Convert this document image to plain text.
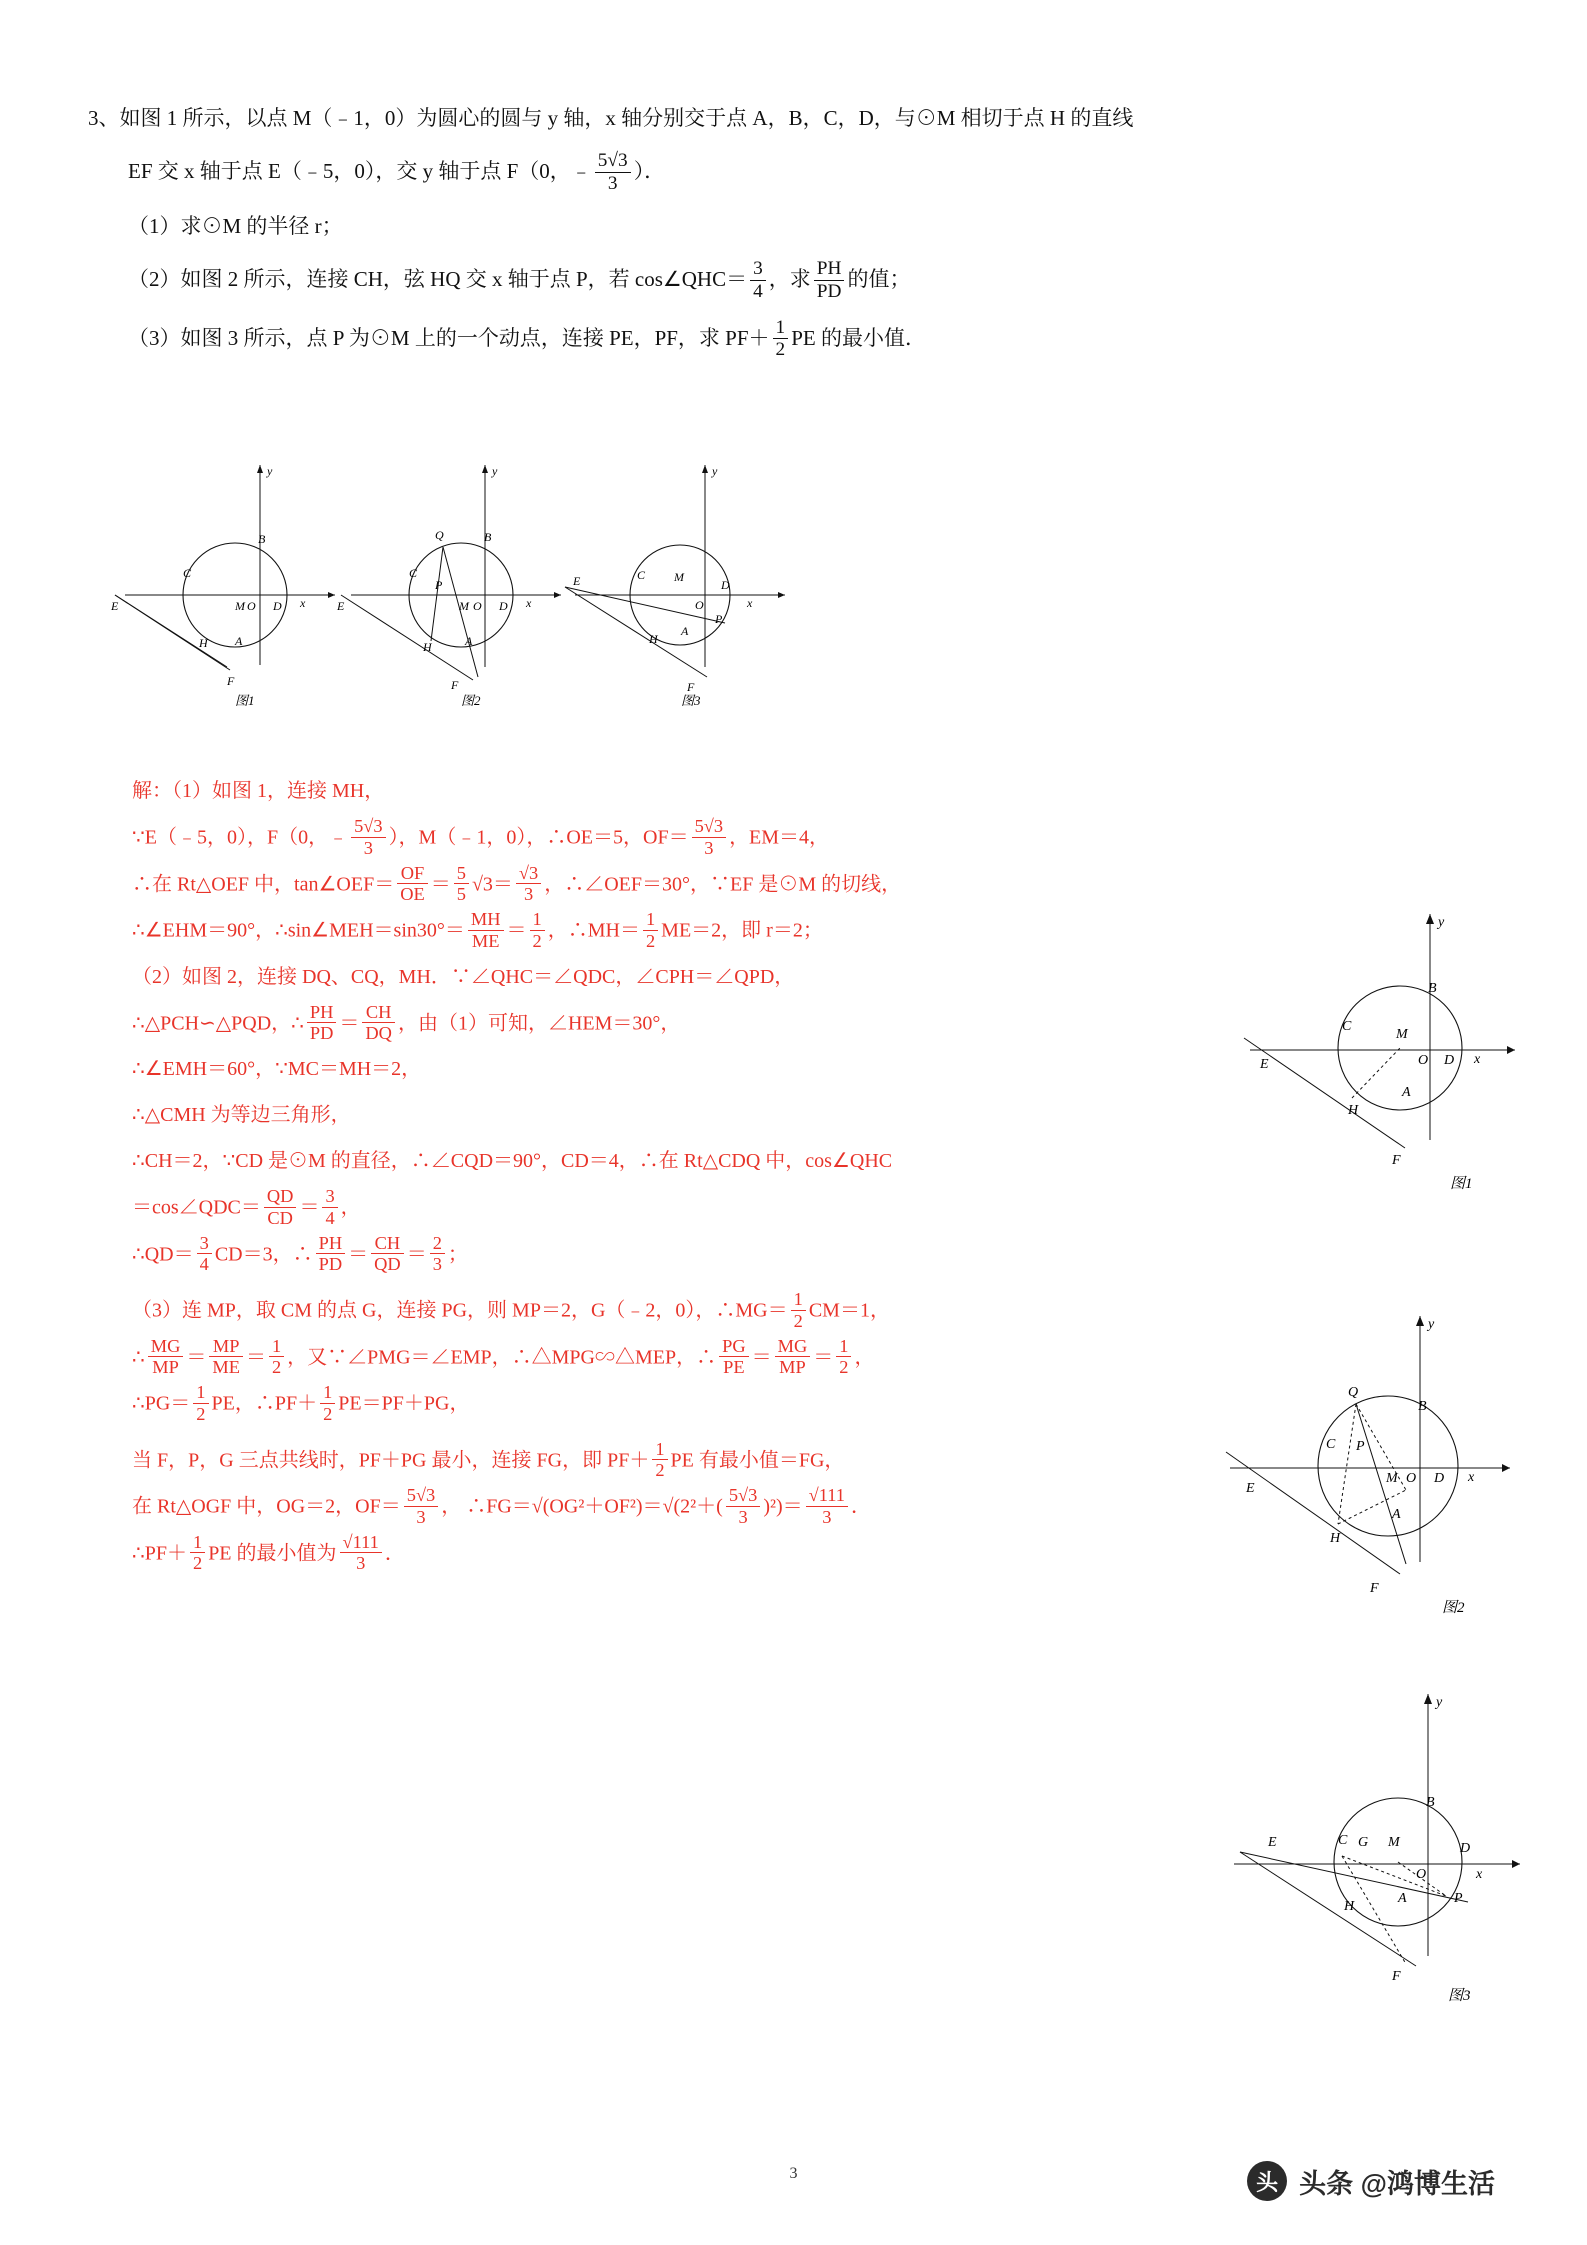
3、如图 1 所示，以点 M（﹣1，0）为圆心的圆与 y 轴，x 轴分别交于点 A，B，C，D，与⊙M 相切于点 H 的直线
EF 交 x 轴于点 E（﹣5，0），交 y 轴于点 F（0，﹣ $\frac{5√3}{3}$ ）．
（1）求⊙M 的半径 r；
（2）如图 2 所示，连接 CH，弦 HQ 交 x 轴于点 P，若 cos∠QHC＝ $\frac{3}{4}$ ，求 $\frac{PH}{PD}$ 的值；
（3）如图 3 所示，点 P 为⊙M 上的一个动点，连接 PE，PF，求 $PF+ \frac{1}{2}$ PE 的最小值．
x
y
B
C
D
E
F
H
M O
A
图1
x
y
B
Q
C
D
E
F
H
M O
P
A
图2
x
y
C
D
E
F
H
M
O
P
A
图3
解：（1）如图 1，连接 MH，
∵E（﹣5，0），F（0，﹣ $\frac{5√3}{3}$ ），M（﹣1，0），∴OE＝5，$OF= \frac{5√3}{3}$ ，EM＝4，
∴在 Rt△OEF 中，tan∠OEF＝ $\frac{OF}{OE} = \frac{5}{5} √3= \frac{√3}{3}$ ，∴∠OEF＝30°，∵EF 是⊙M 的切线，
∴∠EHM＝90°，∴sin∠MEH＝sin30°＝ $\frac{MH}{ME} = \frac{1}{2}$ ，∴MH＝ $\frac{1}{2} ME=2$，即 r＝2；
（2）如图 2，连接 DQ、CQ，MH．∵∠QHC＝∠QDC，∠CPH＝∠QPD，
∴△PCH∽△PQD，∴ $\frac{PH}{PD} = \frac{CH}{DQ}$ ，由（1）可知，∠HEM＝30°，
∴∠EMH＝60°，∵MC＝MH＝2，
∴△CMH 为等边三角形，
∴CH＝2，∵CD 是⊙M 的直径，∴∠CQD＝90°，CD＝4，∴在 Rt△CDQ 中，cos∠QHC
＝cos∠QDC＝ $\frac{QD}{CD} = \frac{3}{4}$ ，
∴QD＝ $\frac{3}{4} CD=3$，∴ $\frac{PH}{PD} = \frac{CH}{QD} = \frac{2}{3}$ ；
（3）连 MP，取 CM 的点 G，连接 PG，则 MP＝2，G（﹣2，0），∴MG＝ $\frac{1}{2} CM=1$，
∴ $\frac{MG}{MP} = \frac{MP}{ME} = \frac{1}{2}$ ，又∵∠PMG＝∠EMP，∴△MPG∽△MEP，∴ $\frac{PG}{PE} = \frac{MG}{MP} = \frac{1}{2}$ ，
∴PG＝ $\frac{1}{2}$ PE，∴PF＋ $\frac{1}{2} PE=PF+PG$，
当 F，P，G 三点共线时，PF＋PG 最小，连接 FG，即 $PF+ \frac{1}{2}$ PE 有最小值＝FG，
在 Rt△OGF 中，OG＝2，$OF= \frac{5√3}{3}$ ， ∴FG＝√(OG²＋OF²)＝√(2²＋( $\frac{5√3}{3} )^2)= \frac{√111}{3}$ ．
∴PF＋ $\frac{1}{2}$ PE 的最小值为 $\frac{√111}{3}$ ．
x
y
B
C
D
E
F
H
M
O
A
图1
x
y
B
Q
C
D
E
F
H
M O
P
A
图2
x
y
B
C
D
E
F
H
M
O
P
A
G
图3
3	头 头条 @鸿博生活
